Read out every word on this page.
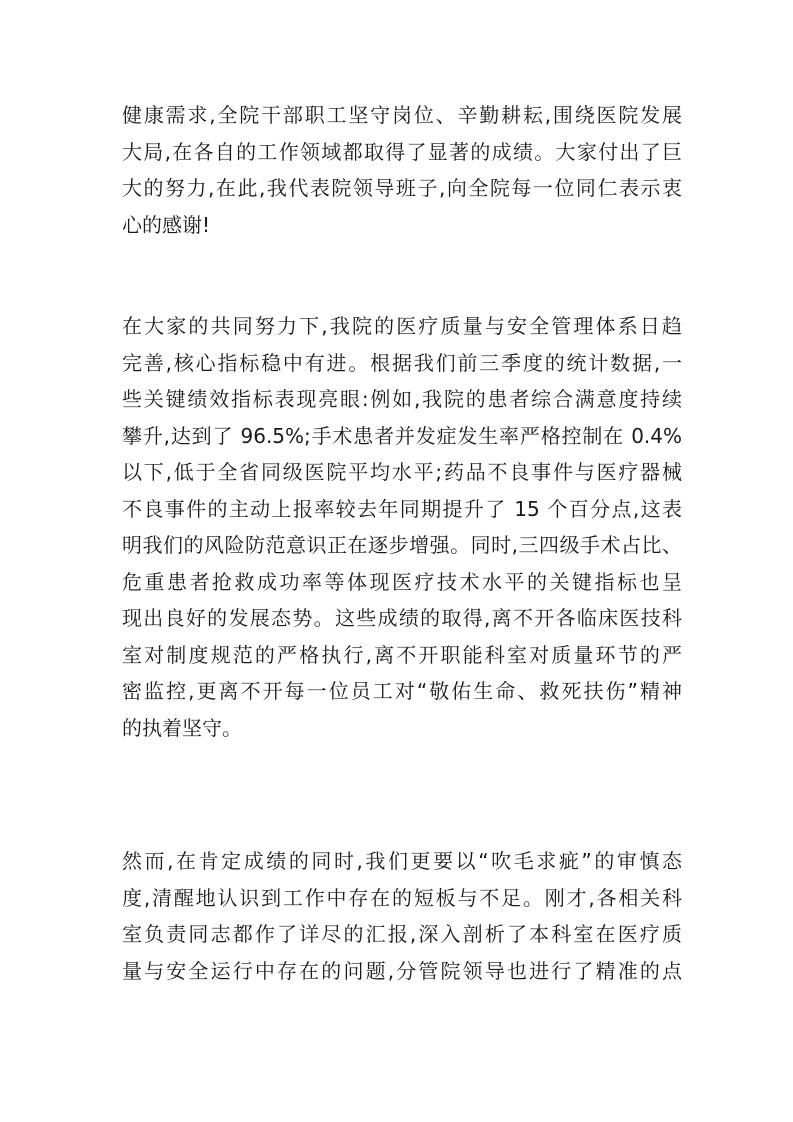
健康需求,全院干部职工坚守岗位、辛勤耕耘,围绕医院发展
大局,在各自的工作领域都取得了显著的成绩。大家付出了巨
大的努力,在此,我代表院领导班子,向全院每一位同仁表示衷
心的感谢!
在大家的共同努力下,我院的医疗质量与安全管理体系日趋
完善,核心指标稳中有进。根据我们前三季度的统计数据,一
些关键绩效指标表现亮眼:例如,我院的患者综合满意度持续
攀升,达到了 96.5%;手术患者并发症发生率严格控制在 0.4%
以下,低于全省同级医院平均水平;药品不良事件与医疗器械
不良事件的主动上报率较去年同期提升了 15 个百分点,这表
明我们的风险防范意识正在逐步增强。同时,三四级手术占比、
危重患者抢救成功率等体现医疗技术水平的关键指标也呈
现出良好的发展态势。这些成绩的取得,离不开各临床医技科
室对制度规范的严格执行,离不开职能科室对质量环节的严
密监控,更离不开每一位员工对“敬佑生命、救死扶伤”精神
的执着坚守。
然而,在肯定成绩的同时,我们更要以“吹毛求疵”的审慎态
度,清醒地认识到工作中存在的短板与不足。刚才,各相关科
室负责同志都作了详尽的汇报,深入剖析了本科室在医疗质
量与安全运行中存在的问题,分管院领导也进行了精准的点
